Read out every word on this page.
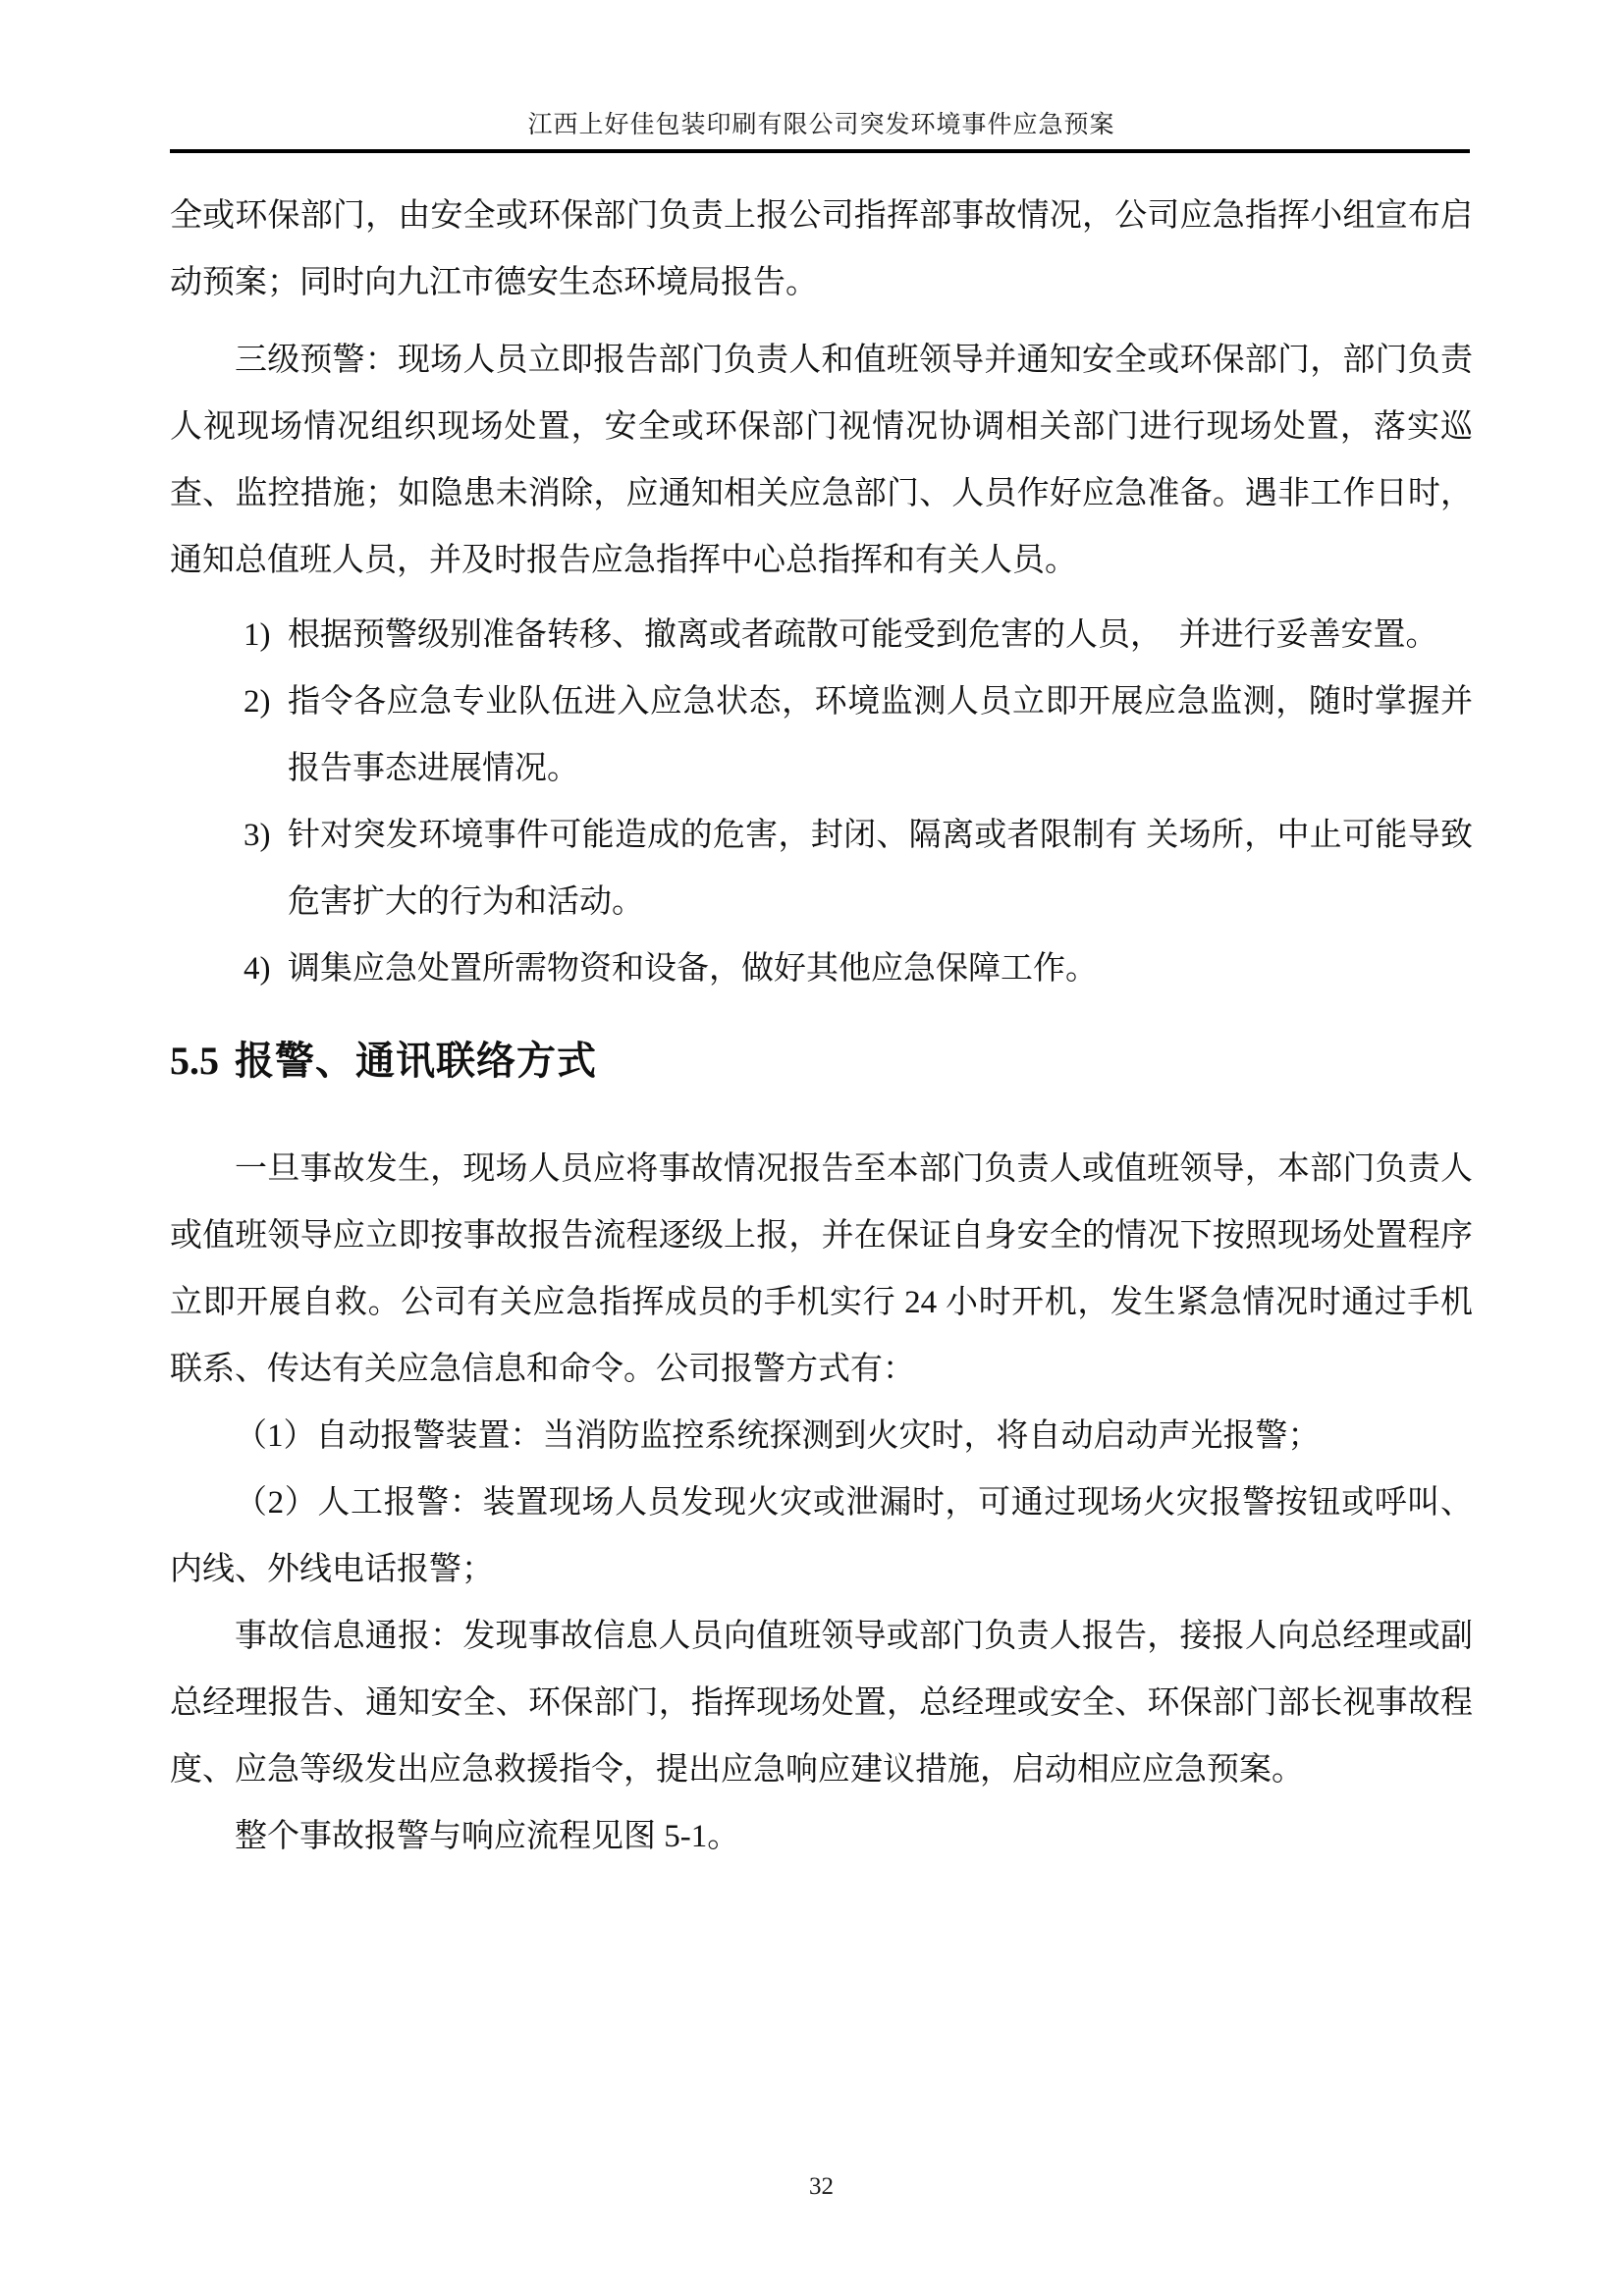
江西上好佳包装印刷有限公司突发环境事件应急预案

全或环保部门，由安全或环保部门负责上报公司指挥部事故情况，公司应急指挥小组宣布启动预案；同时向九江市德安生态环境局报告。

三级预警：现场人员立即报告部门负责人和值班领导并通知安全或环保部门，部门负责人视现场情况组织现场处置，安全或环保部门视情况协调相关部门进行现场处置，落实巡查、监控措施；如隐患未消除，应通知相关应急部门、人员作好应急准备。遇非工作日时，通知总值班人员，并及时报告应急指挥中心总指挥和有关人员。

1) 根据预警级别准备转移、撤离或者疏散可能受到危害的人员，　并进行妥善安置。
2) 指令各应急专业队伍进入应急状态，环境监测人员立即开展应急监测，随时掌握并报告事态进展情况。
3) 针对突发环境事件可能造成的危害，封闭、隔离或者限制有 关场所，中止可能导致危害扩大的行为和活动。
4) 调集应急处置所需物资和设备，做好其他应急保障工作。
5.5 报警、通讯联络方式

一旦事故发生，现场人员应将事故情况报告至本部门负责人或值班领导，本部门负责人或值班领导应立即按事故报告流程逐级上报，并在保证自身安全的情况下按照现场处置程序立即开展自救。公司有关应急指挥成员的手机实行 24 小时开机，发生紧急情况时通过手机联系、传达有关应急信息和命令。公司报警方式有：

（1）自动报警装置：当消防监控系统探测到火灾时，将自动启动声光报警；

（2）人工报警：装置现场人员发现火灾或泄漏时，可通过现场火灾报警按钮或呼叫、内线、外线电话报警；

事故信息通报：发现事故信息人员向值班领导或部门负责人报告，接报人向总经理或副总经理报告、通知安全、环保部门，指挥现场处置，总经理或安全、环保部门部长视事故程度、应急等级发出应急救援指令，提出应急响应建议措施，启动相应应急预案。

整个事故报警与响应流程见图 5-1。

32
